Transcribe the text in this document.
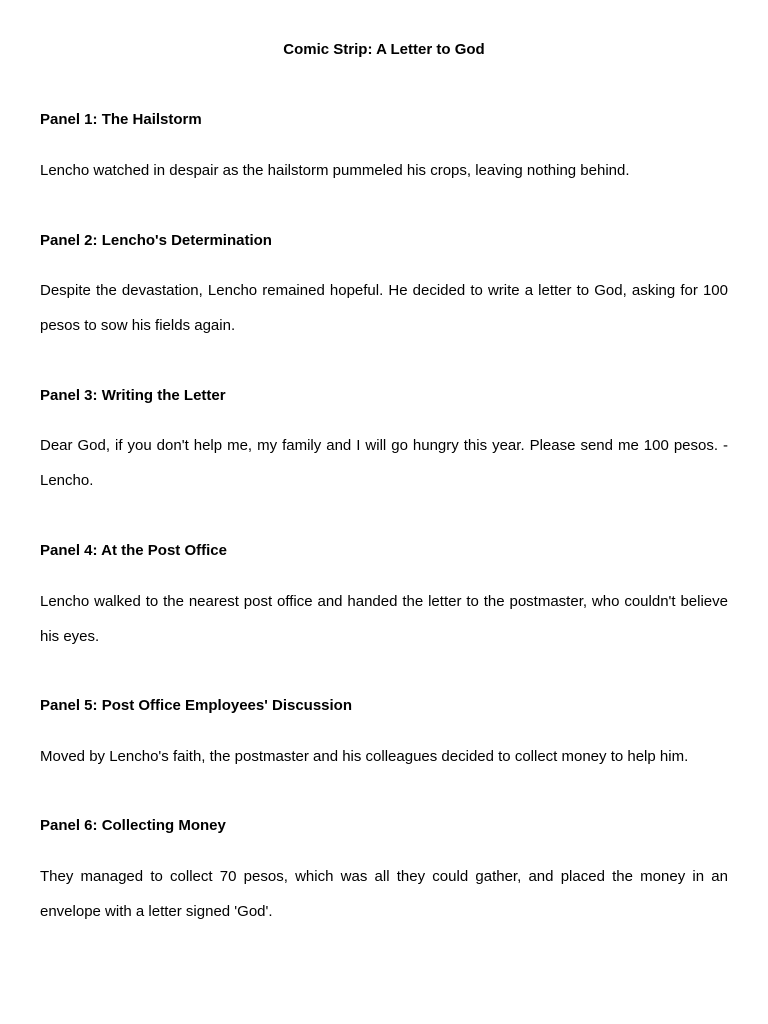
Comic Strip: A Letter to God
Panel 1: The Hailstorm

Lencho watched in despair as the hailstorm pummeled his crops, leaving nothing behind.

Panel 2: Lencho's Determination

Despite the devastation, Lencho remained hopeful. He decided to write a letter to God, asking for 100 pesos to sow his fields again.

Panel 3: Writing the Letter

Dear God, if you don't help me, my family and I will go hungry this year. Please send me 100 pesos. - Lencho.

Panel 4: At the Post Office

Lencho walked to the nearest post office and handed the letter to the postmaster, who couldn't believe his eyes.

Panel 5: Post Office Employees' Discussion

Moved by Lencho's faith, the postmaster and his colleagues decided to collect money to help him.

Panel 6: Collecting Money

They managed to collect 70 pesos, which was all they could gather, and placed the money in an envelope with a letter signed 'God'.
